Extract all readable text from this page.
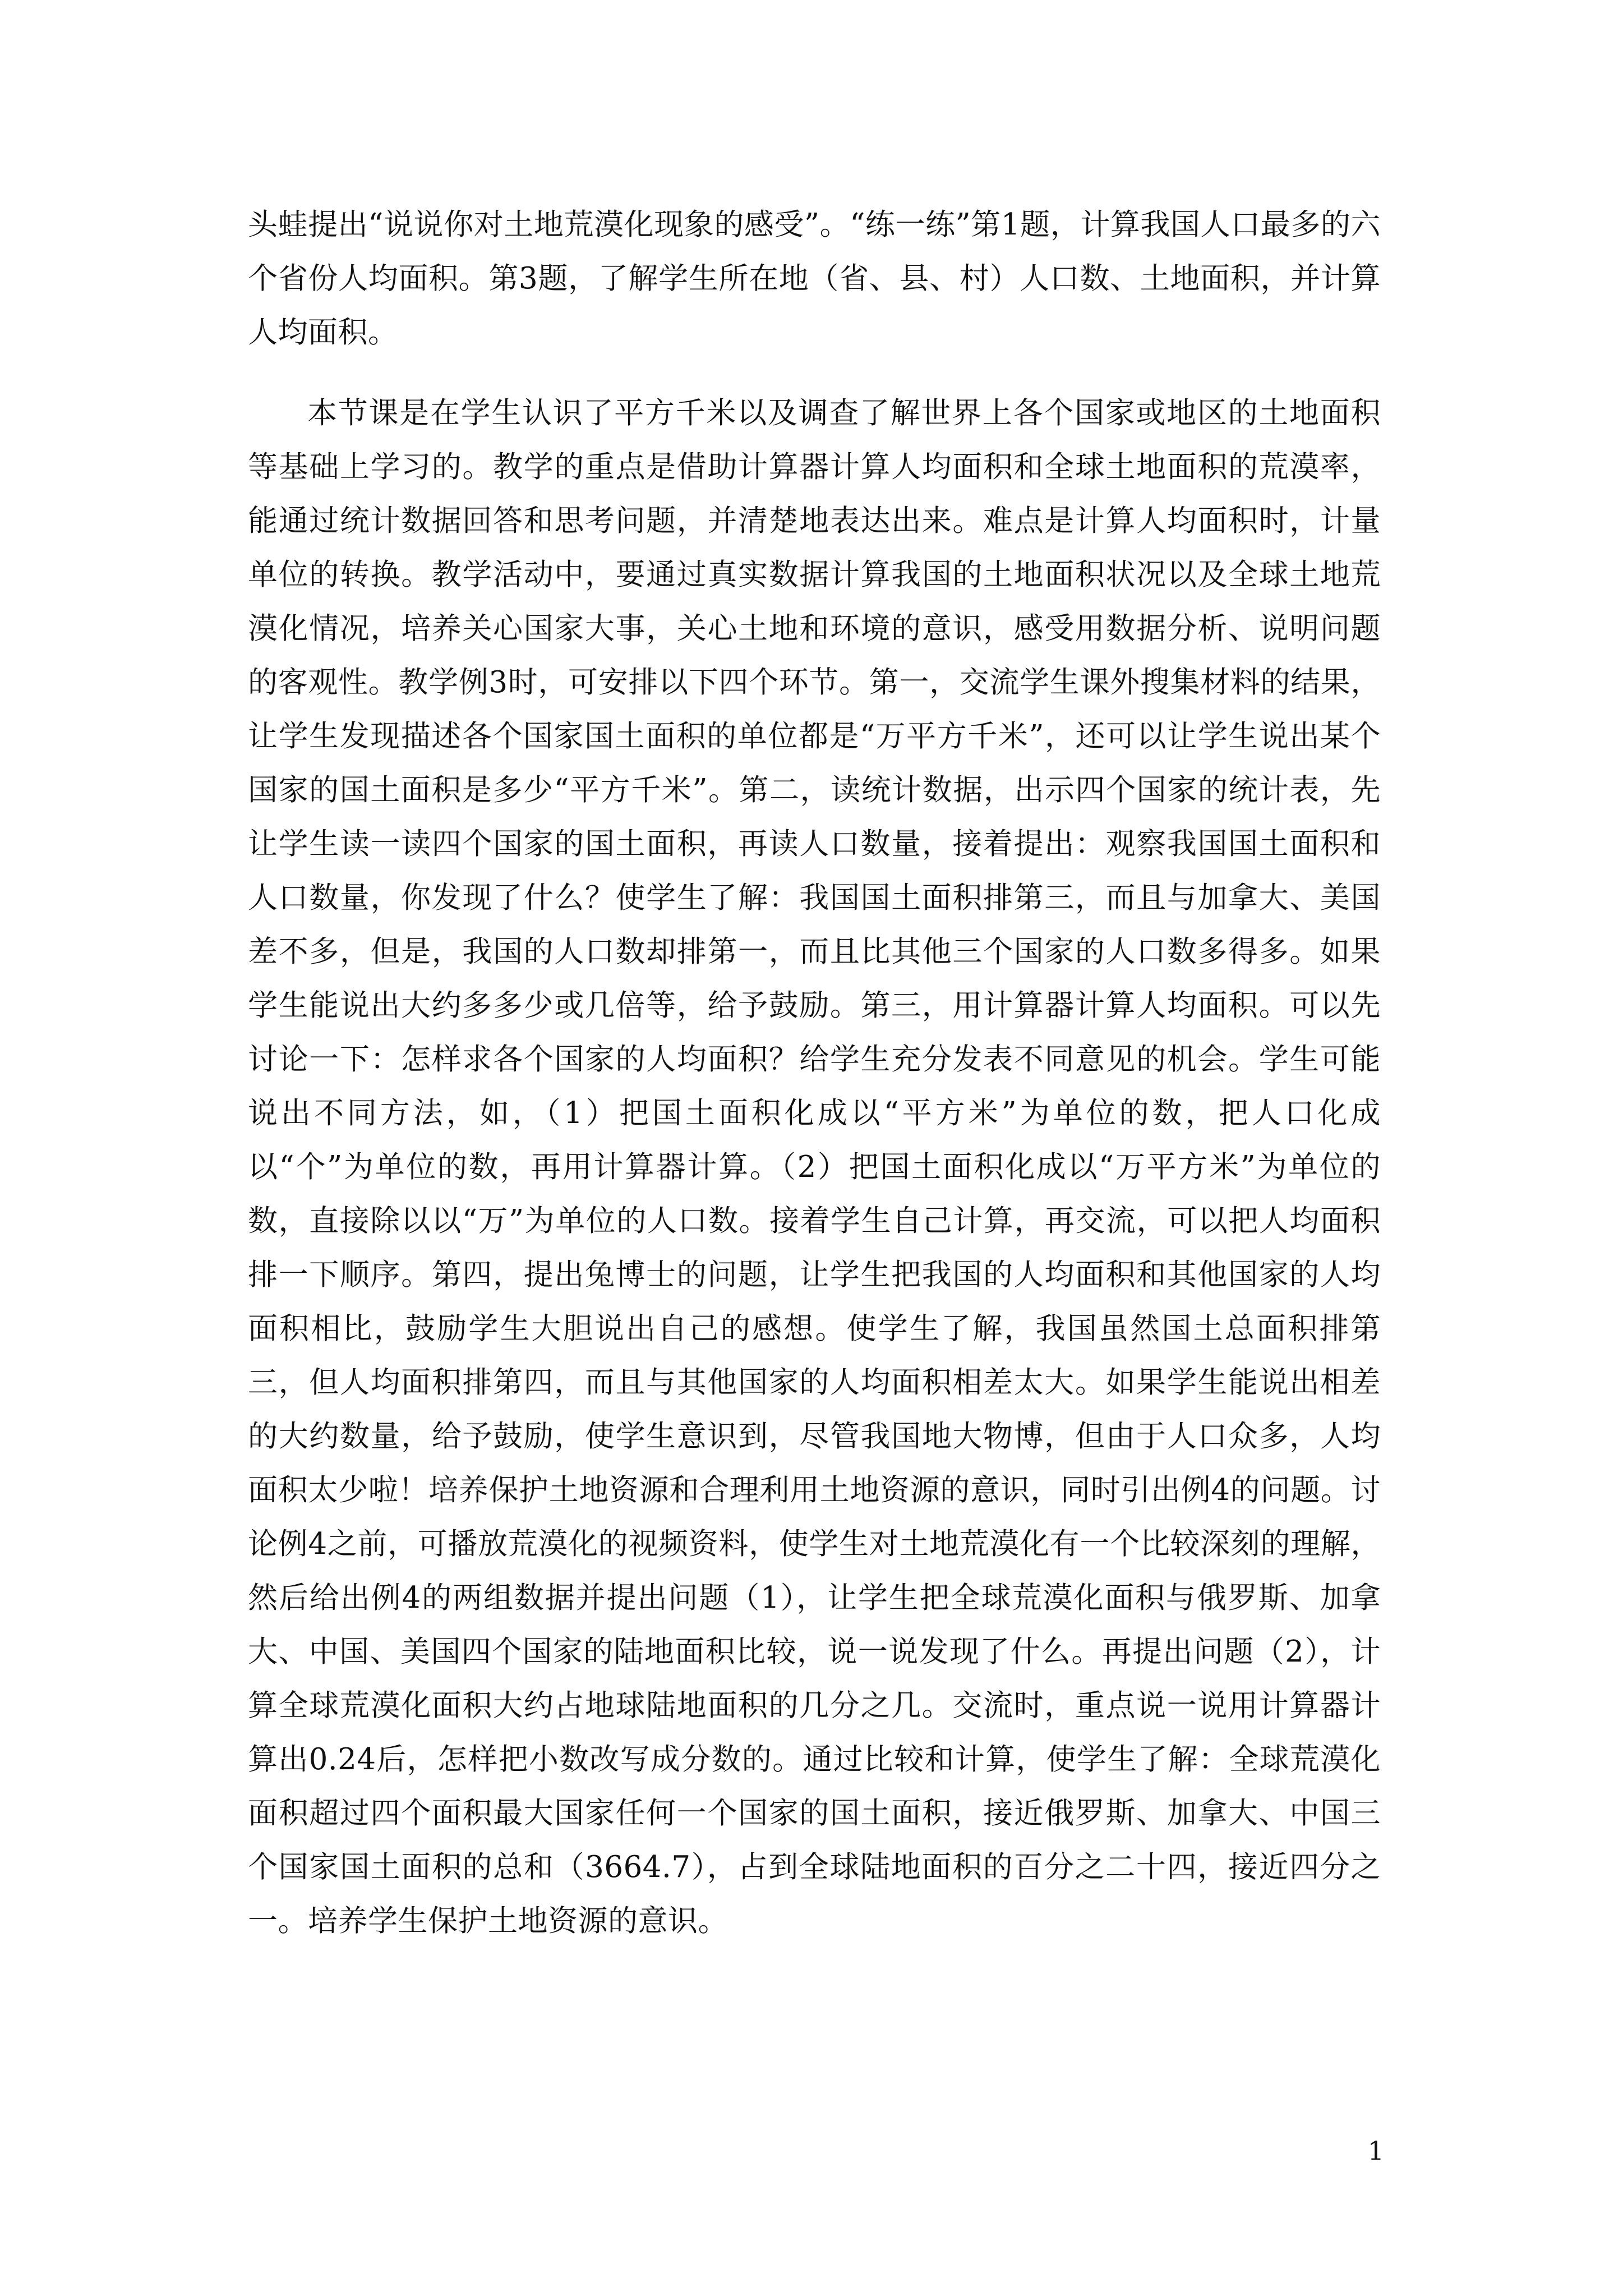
头蛙提出“说说你对土地荒漠化现象的感受”。“练一练”第1题，计算我国人口最多的六个省份人均面积。第3题，了解学生所在地（省、县、村）人口数、土地面积，并计算人均面积。

本节课是在学生认识了平方千米以及调查了解世界上各个国家或地区的土地面积等基础上学习的。教学的重点是借助计算器计算人均面积和全球土地面积的荒漠率，能通过统计数据回答和思考问题，并清楚地表达出来。难点是计算人均面积时，计量单位的转换。教学活动中，要通过真实数据计算我国的土地面积状况以及全球土地荒漠化情况，培养关心国家大事，关心土地和环境的意识，感受用数据分析、说明问题的客观性。教学例3时，可安排以下四个环节。第一，交流学生课外搜集材料的结果，让学生发现描述各个国家国土面积的单位都是“万平方千米”，还可以让学生说出某个国家的国土面积是多少“平方千米”。第二，读统计数据，出示四个国家的统计表，先让学生读一读四个国家的国土面积，再读人口数量，接着提出：观察我国国土面积和人口数量，你发现了什么？使学生了解：我国国土面积排第三，而且与加拿大、美国差不多，但是，我国的人口数却排第一，而且比其他三个国家的人口数多得多。如果学生能说出大约多多少或几倍等，给予鼓励。第三，用计算器计算人均面积。可以先讨论一下：怎样求各个国家的人均面积？给学生充分发表不同意见的机会。学生可能说出不同方法，如，（1）把国土面积化成以“平方米”为单位的数，把人口化成以“个”为单位的数，再用计算器计算。（2）把国土面积化成以“万平方米”为单位的数，直接除以以“万”为单位的人口数。接着学生自己计算，再交流，可以把人均面积排一下顺序。第四，提出兔博士的问题，让学生把我国的人均面积和其他国家的人均面积相比，鼓励学生大胆说出自己的感想。使学生了解，我国虽然国土总面积排第三，但人均面积排第四，而且与其他国家的人均面积相差太大。如果学生能说出相差的大约数量，给予鼓励，使学生意识到，尽管我国地大物博，但由于人口众多，人均面积太少啦！培养保护土地资源和合理利用土地资源的意识，同时引出例4的问题。讨论例4之前，可播放荒漠化的视频资料，使学生对土地荒漠化有一个比较深刻的理解，然后给出例4的两组数据并提出问题（1），让学生把全球荒漠化面积与俄罗斯、加拿大、中国、美国四个国家的陆地面积比较，说一说发现了什么。再提出问题（2），计算全球荒漠化面积大约占地球陆地面积的几分之几。交流时，重点说一说用计算器计算出0.24后，怎样把小数改写成分数的。通过比较和计算，使学生了解：全球荒漠化面积超过四个面积最大国家任何一个国家的国土面积，接近俄罗斯、加拿大、中国三个国家国土面积的总和（3664.7），占到全球陆地面积的百分之二十四，接近四分之一。培养学生保护土地资源的意识。

1
